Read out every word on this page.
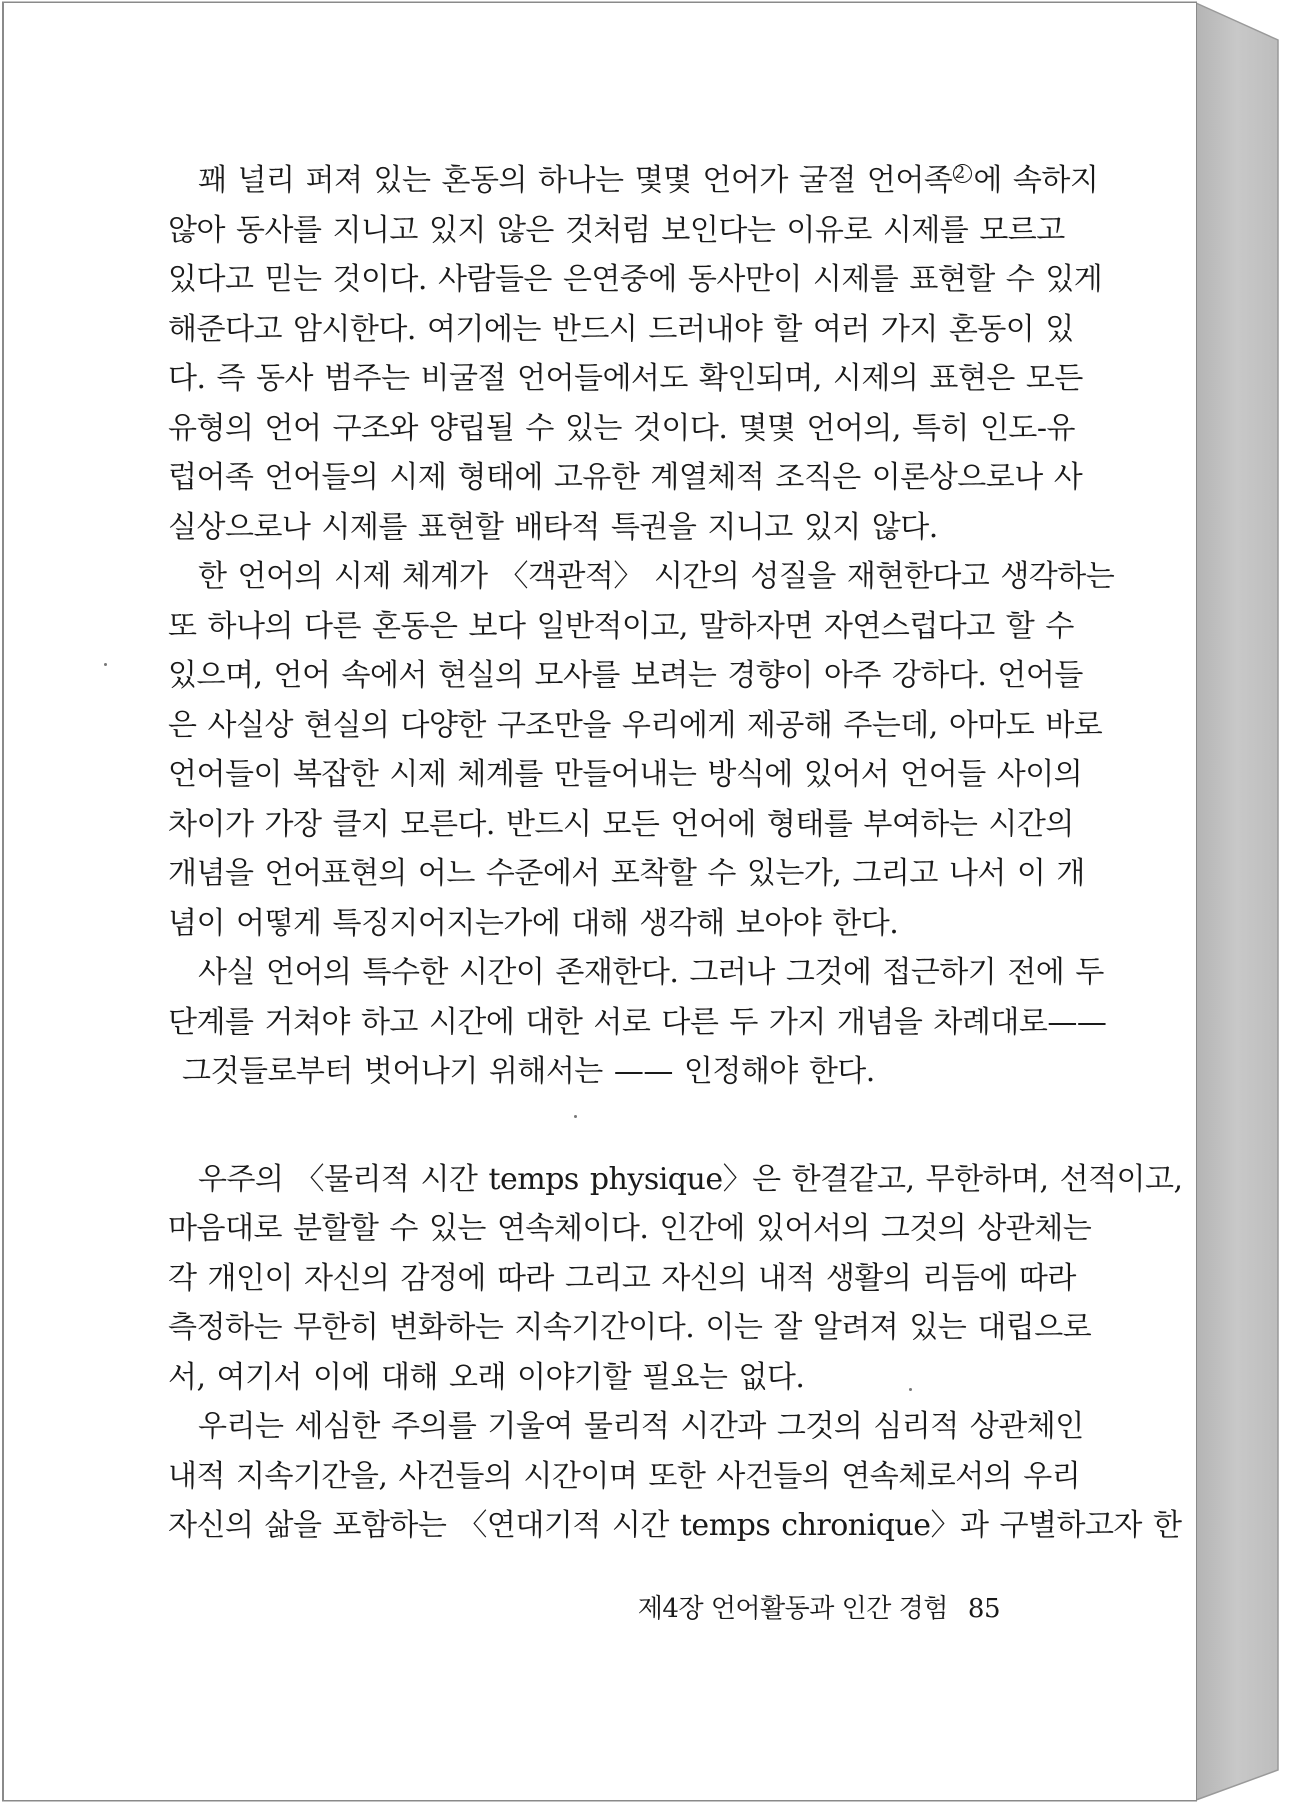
꽤 널리 퍼져 있는 혼동의 하나는 몇몇 언어가 굴절 언어족 2 에 속하지
않아 동사를 지니고 있지 않은 것처럼 보인다는 이유로 시제를 모르고
있다고 믿는 것이다. 사람들은 은연중에 동사만이 시제를 표현할 수 있게
해준다고 암시한다. 여기에는 반드시 드러내야 할 여러 가지 혼동이 있
다. 즉 동사 범주는 비굴절 언어들에서도 확인되며, 시제의 표현은 모든
유형의 언어 구조와 양립될 수 있는 것이다. 몇몇 언어의, 특히 인도-유
럽어족 언어들의 시제 형태에 고유한 계열체적 조직은 이론상으로나 사
실상으로나 시제를 표현할 배타적 특권을 지니고 있지 않다.
한 언어의 시제 체계가 〈객관적〉 시간의 성질을 재현한다고 생각하는
또 하나의 다른 혼동은 보다 일반적이고, 말하자면 자연스럽다고 할 수
있으며, 언어 속에서 현실의 모사를 보려는 경향이 아주 강하다. 언어들
은 사실상 현실의 다양한 구조만을 우리에게 제공해 주는데, 아마도 바로
언어들이 복잡한 시제 체계를 만들어내는 방식에 있어서 언어들 사이의
차이가 가장 클지 모른다. 반드시 모든 언어에 형태를 부여하는 시간의
개념을 언어표현의 어느 수준에서 포착할 수 있는가, 그리고 나서 이 개
념이 어떻게 특징지어지는가에 대해 생각해 보아야 한다.
사실 언어의 특수한 시간이 존재한다. 그러나 그것에 접근하기 전에 두
단계를 거쳐야 하고 시간에 대한 서로 다른 두 가지 개념을 차례대로——
그것들로부터 벗어나기 위해서는 —— 인정해야 한다.
우주의 〈물리적 시간 temps physique〉은 한결같고, 무한하며, 선적이고,
마음대로 분할할 수 있는 연속체이다. 인간에 있어서의 그것의 상관체는
각 개인이 자신의 감정에 따라 그리고 자신의 내적 생활의 리듬에 따라
측정하는 무한히 변화하는 지속기간이다. 이는 잘 알려져 있는 대립으로
서, 여기서 이에 대해 오래 이야기할 필요는 없다.
우리는 세심한 주의를 기울여 물리적 시간과 그것의 심리적 상관체인
내적 지속기간을, 사건들의 시간이며 또한 사건들의 연속체로서의 우리
자신의 삶을 포함하는 〈연대기적 시간 temps chronique〉과 구별하고자 한
제4장 언어활동과 인간 경험 85
